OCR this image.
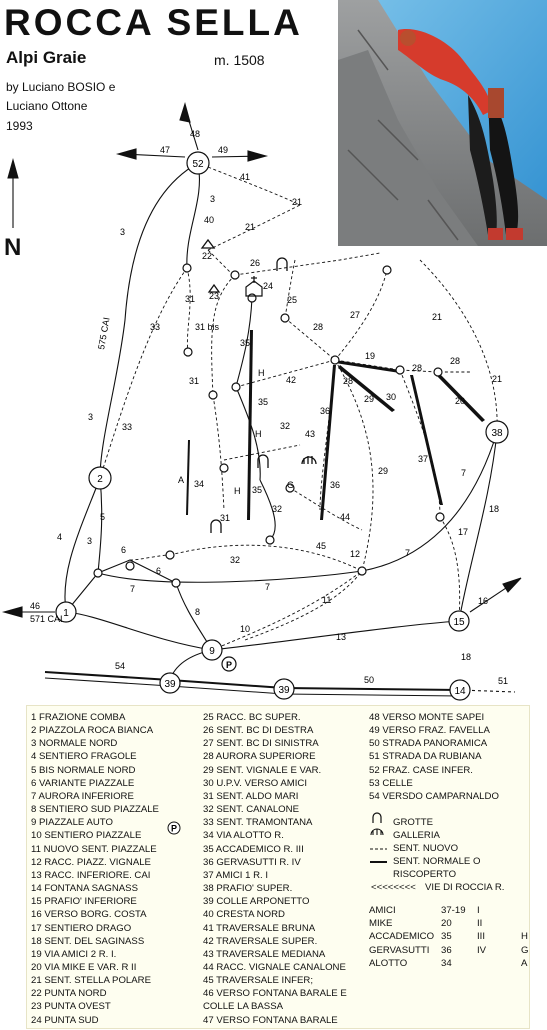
ROCCA SELLA
Alpi Graie	m. 1508
by Luciano BOSIO e
Luciano Ottone
1993
52
2
1
9
15
38
39
39	14
3
3
3
4
5
3
6
6
7	7
7
7
8
10
11
12
13
16
17
18
18
19
20
21
21
21
21
22
23
24
25
26
27
28
28
28
28
29
29
30
31
31
31
31 bis
32
32
32
33
33
34
35
35
35
36
36
37
40
41
42
43
44
45
46
47
48
49
50	51
54
575 CAI
571 CAI
H
H
H
G
A
P
N
1 FRAZIONE COMBA
2 PIAZZOLA ROCA BIANCA
3 NORMALE NORD
4 SENTIERO FRAGOLE
5 BIS NORMALE NORD
6 VARIANTE PIAZZALE
7 AURORA INFERIORE
8 SENTIERO SUD PIAZZALE
9 PIAZZALE AUTO
10 SENTIERO PIAZZALE
11 NUOVO SENT. PIAZZALE
12 RACC. PIAZZ. VIGNALE
13 RACC. INFERIORE. CAI
14 FONTANA SAGNASS
15 PRAFIO' INFERIORE
16 VERSO BORG. COSTA
17 SENTIERO DRAGO
18 SENT. DEL SAGINASS
19 VIA AMICI 2 R. I.
20 VIA MIKE E VAR. R II
21 SENT. STELLA POLARE
22 PUNTA NORD
23 PUNTA OVEST
24 PUNTA SUD
P
25 RACC. BC SUPER.
26 SENT. BC DI DESTRA
27 SENT. BC DI SINISTRA
28 AURORA SUPERIORE
29 SENT. VIGNALE E VAR.
30 U.P.V. VERSO AMICI
31 SENT. ALDO MARI
32 SENT. CANALONE
33 SENT. TRAMONTANA
34 VIA ALOTTO R.
35 ACCADEMICO R. III
36 GERVASUTTI R. IV
37 AMICI 1 R. I
38 PRAFIO' SUPER.
39 COLLE ARPONETTO
40 CRESTA NORD
41 TRAVERSALE BRUNA
42 TRAVERSALE SUPER.
43 TRAVERSALE MEDIANA
44 RACC. VIGNALE CANALONE
45 TRAVERSALE INFER;
46 VERSO FONTANA BARALE E
COLLE LA BASSA
47 VERSO FONTANA BARALE
48 VERSO MONTE SAPEI
49 VERSO FRAZ. FAVELLA
50 STRADA PANORAMICA
51 STRADA DA RUBIANA
52 FRAZ. CASE INFER.
53 CELLE
54 VERSDO CAMPARNALDO
GROTTE
GALLERIA
SENT. NUOVO
SENT. NORMALE O
RISCOPERTO
<<<<<<<< VIE DI ROCCIA R.
AMICI	37-19 I
MIKE	20	II
ACCADEMICO 35	III	H
GERVASUTTI 36	IV	G
ALOTTO	34	A
